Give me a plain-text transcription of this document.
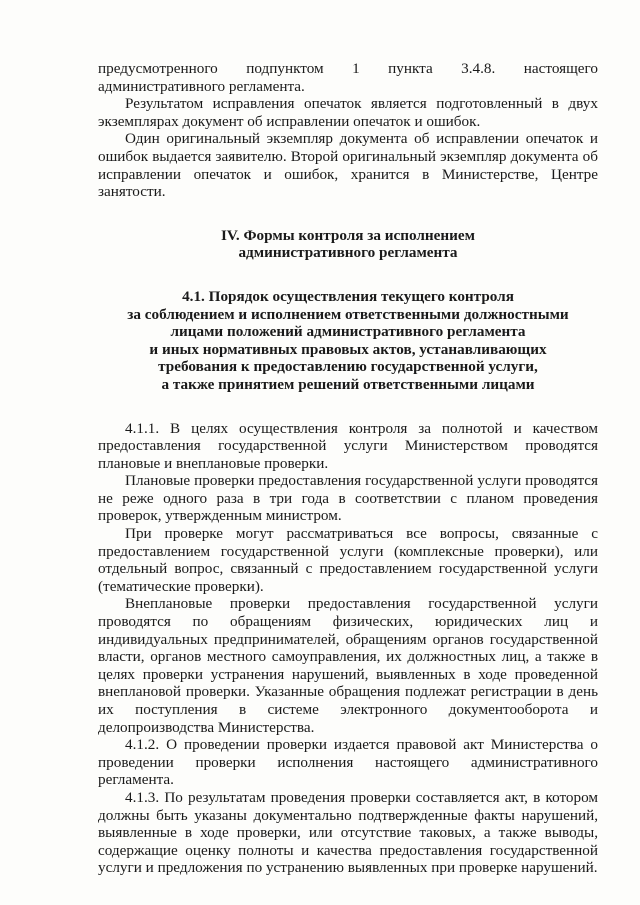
предусмотренного подпунктом 1 пункта 3.4.8. настоящего

административного регламента.

Результатом исправления опечаток является подготовленный в двух экземплярах документ об исправлении опечаток и ошибок.

Один оригинальный экземпляр документа об исправлении опечаток и ошибок выдается заявителю. Второй оригинальный экземпляр документа об исправлении опечаток и ошибок, хранится в Министерстве, Центре занятости.

IV. Формы контроля за исполнением
административного регламента
4.1. Порядок осуществления текущего контроля
за соблюдением и исполнением ответственными должностными
лицами положений административного регламента
и иных нормативных правовых актов, устанавливающих
требования к предоставлению государственной услуги,
а также принятием решений ответственными лицами

4.1.1. В целях осуществления контроля за полнотой и качеством предоставления государственной услуги Министерством проводятся плановые и внеплановые проверки.

Плановые проверки предоставления государственной услуги проводятся не реже одного раза в три года в соответствии с планом проведения проверок, утвержденным министром.

При проверке могут рассматриваться все вопросы, связанные с предоставлением государственной услуги (комплексные проверки), или отдельный вопрос, связанный с предоставлением государственной услуги (тематические проверки).

Внеплановые проверки предоставления государственной услуги проводятся по обращениям физических, юридических лиц и индивидуальных предпринимателей, обращениям органов государственной власти, органов местного самоуправления, их должностных лиц, а также в целях проверки устранения нарушений, выявленных в ходе проведенной внеплановой проверки. Указанные обращения подлежат регистрации в день их поступления в системе электронного документооборота и делопроизводства Министерства.

4.1.2. О проведении проверки издается правовой акт Министерства о проведении проверки исполнения настоящего административного регламента.

4.1.3. По результатам проведения проверки составляется акт, в котором должны быть указаны документально подтвержденные факты нарушений, выявленные в ходе проверки, или отсутствие таковых, а также выводы, содержащие оценку полноты и качества предоставления государственной услуги и предложения по устранению выявленных при проверке нарушений.
